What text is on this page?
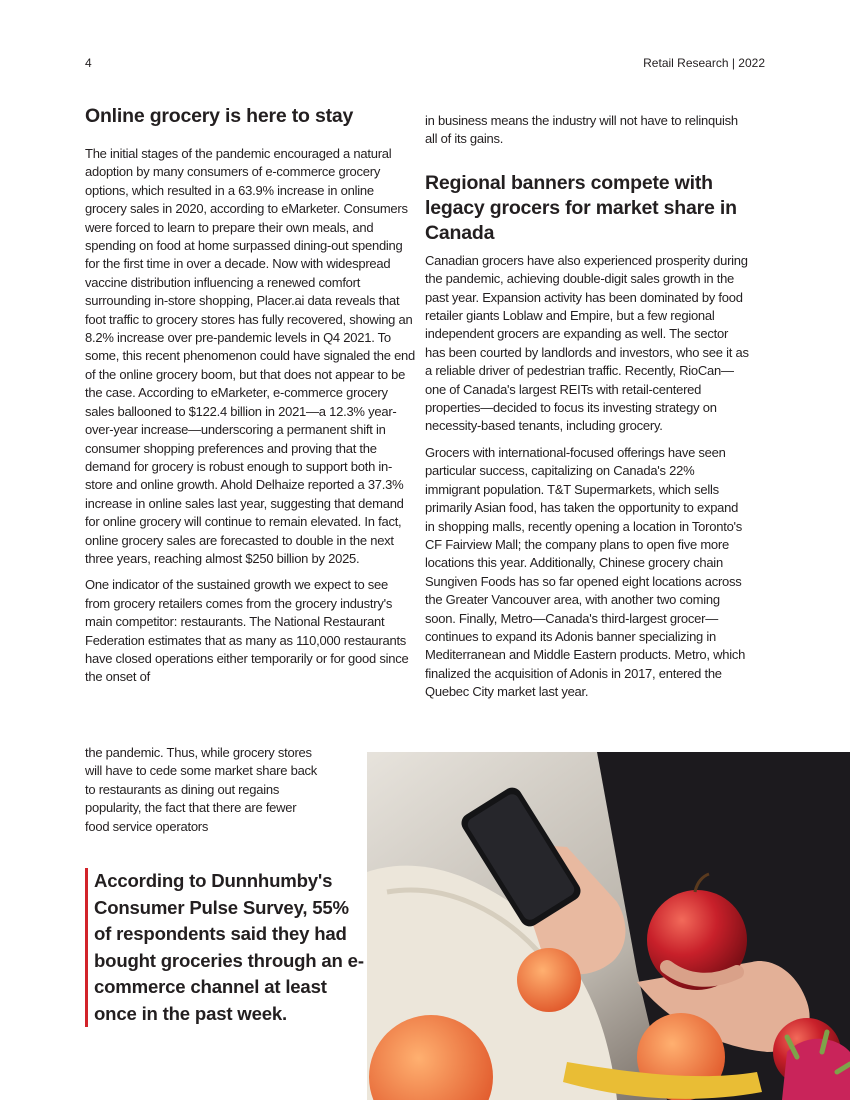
4	Retail Research | 2022
Online grocery is here to stay

The initial stages of the pandemic encouraged a natural adoption by many consumers of e-commerce grocery options, which resulted in a 63.9% increase in online grocery sales in 2020, according to eMarketer. Consumers were forced to learn to prepare their own meals, and spending on food at home surpassed dining-out spending for the first time in over a decade. Now with widespread vaccine distribution influencing a renewed comfort surrounding in-store shopping, Placer.ai data reveals that foot traffic to grocery stores has fully recovered, showing an 8.2% increase over pre-pandemic levels in Q4 2021. To some, this recent phenomenon could have signaled the end of the online grocery boom, but that does not appear to be the case. According to eMarketer, e-commerce grocery sales ballooned to $122.4 billion in 2021—a 12.3% year-over-year increase—underscoring a permanent shift in consumer shopping preferences and proving that the demand for grocery is robust enough to support both in-store and online growth. Ahold Delhaize reported a 37.3% increase in online sales last year, suggesting that demand for online grocery will continue to remain elevated. In fact, online grocery sales are forecasted to double in the next three years, reaching almost $250 billion by 2025.

One indicator of the sustained growth we expect to see from grocery retailers comes from the grocery industry's main competitor: restaurants. The National Restaurant Federation estimates that as many as 110,000 restaurants have closed operations either temporarily or for good since the onset of

the pandemic. Thus, while grocery stores will have to cede some market share back to restaurants as dining out regains popularity, the fact that there are fewer food service operators

in business means the industry will not have to relinquish all of its gains.

Regional banners compete with legacy grocers for market share in Canada

Canadian grocers have also experienced prosperity during the pandemic, achieving double-digit sales growth in the past year. Expansion activity has been dominated by food retailer giants Loblaw and Empire, but a few regional independent grocers are expanding as well. The sector has been courted by landlords and investors, who see it as a reliable driver of pedestrian traffic. Recently, RioCan—one of Canada's largest REITs with retail-centered properties—decided to focus its investing strategy on necessity-based tenants, including grocery.

Grocers with international-focused offerings have seen particular success, capitalizing on Canada's 22% immigrant population. T&T Supermarkets, which sells primarily Asian food, has taken the opportunity to expand in shopping malls, recently opening a location in Toronto's CF Fairview Mall; the company plans to open five more locations this year. Additionally, Chinese grocery chain Sungiven Foods has so far opened eight locations across the Greater Vancouver area, with another two coming soon. Finally, Metro—Canada's third-largest grocer—continues to expand its Adonis banner specializing in Mediterranean and Middle Eastern products. Metro, which finalized the acquisition of Adonis in 2017, entered the Quebec City market last year.

According to Dunnhumby's Consumer Pulse Survey, 55% of respondents said they had bought groceries through an e-commerce channel at least once in the past week.
